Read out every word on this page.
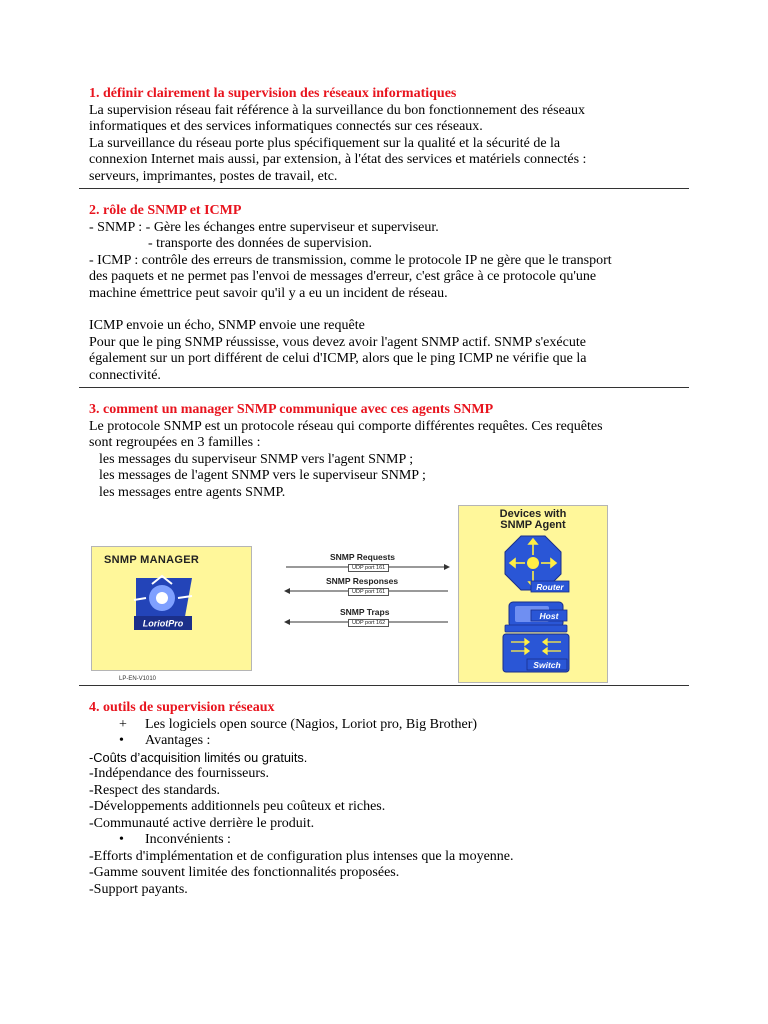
1. définir clairement la supervision des réseaux informatiques

La supervision réseau fait référence à la surveillance du bon fonctionnement des réseaux

informatiques et des services informatiques connectés sur ces réseaux.

La surveillance du réseau porte plus spécifiquement sur la qualité et la sécurité de la

connexion Internet mais aussi, par extension, à l'état des services et matériels connectés :

serveurs, imprimantes, postes de travail, etc.

2. rôle de SNMP et ICMP

- SNMP : - Gère les échanges entre superviseur et superviseur.

- transporte des données de supervision.

- ICMP : contrôle des erreurs de transmission, comme le protocole IP ne gère que le transport

des paquets et ne permet pas l'envoi de messages d'erreur, c'est grâce à ce protocole qu'une

machine émettrice peut savoir qu'il y a eu un incident de réseau.

ICMP envoie un écho, SNMP envoie une requête

Pour que le ping SNMP réussisse, vous devez avoir l'agent SNMP actif. SNMP s'exécute

également sur un port différent de celui d'ICMP, alors que le ping ICMP ne vérifie que la

connectivité.

3. comment un manager SNMP communique avec ces agents SNMP

Le protocole SNMP est un protocole réseau qui comporte différentes requêtes. Ces requêtes

sont regroupées en 3 familles :

les messages du superviseur SNMP vers l'agent SNMP ;

les messages de l'agent SNMP vers le superviseur SNMP ;

les messages entre agents SNMP.

SNMP MANAGER
LoriotPro
LP-EN-V1010
SNMP Requests
UDP port 161
SNMP Responses
UDP port 161
SNMP Traps
UDP port 162
Devices with
SNMP Agent
Router
Host
Switch

4. outils de supervision réseaux

+	Les logiciels open source (Nagios, Loriot pro, Big Brother)
•	Avantages :

-Coûts d’acquisition limités ou gratuits.

-Indépendance des fournisseurs.

-Respect des standards.

-Développements additionnels peu coûteux et riches.

-Communauté active derrière le produit.

•	Inconvénients :

-Efforts d'implémentation et de configuration plus intenses que la moyenne.

-Gamme souvent limitée des fonctionnalités proposées.

-Support payants.
